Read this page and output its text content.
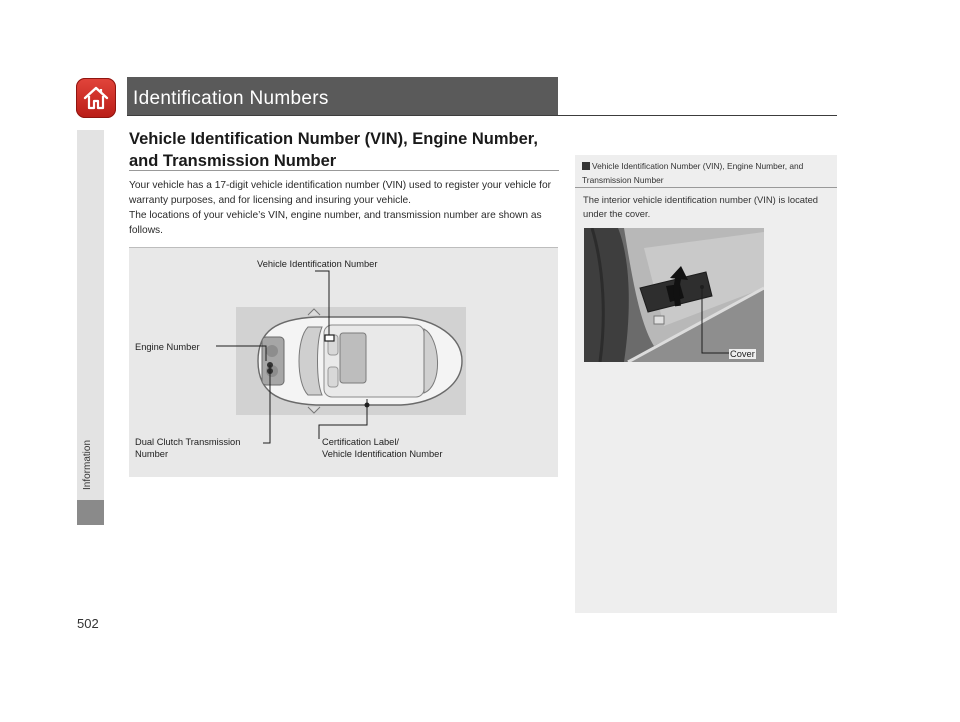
Identification Numbers
Information
502
Vehicle Identification Number (VIN), Engine Number, and Transmission Number
Your vehicle has a 17-digit vehicle identification number (VIN) used to register your vehicle for warranty purposes, and for licensing and insuring your vehicle.
The locations of your vehicle’s VIN, engine number, and transmission number are shown as follows.
Vehicle Identification Number
Engine Number
Dual Clutch Transmission
Number
Certification Label/
Vehicle Identification Number
Vehicle Identification Number (VIN), Engine Number, and Transmission Number
The interior vehicle identification number (VIN) is located under the cover.
Cover
